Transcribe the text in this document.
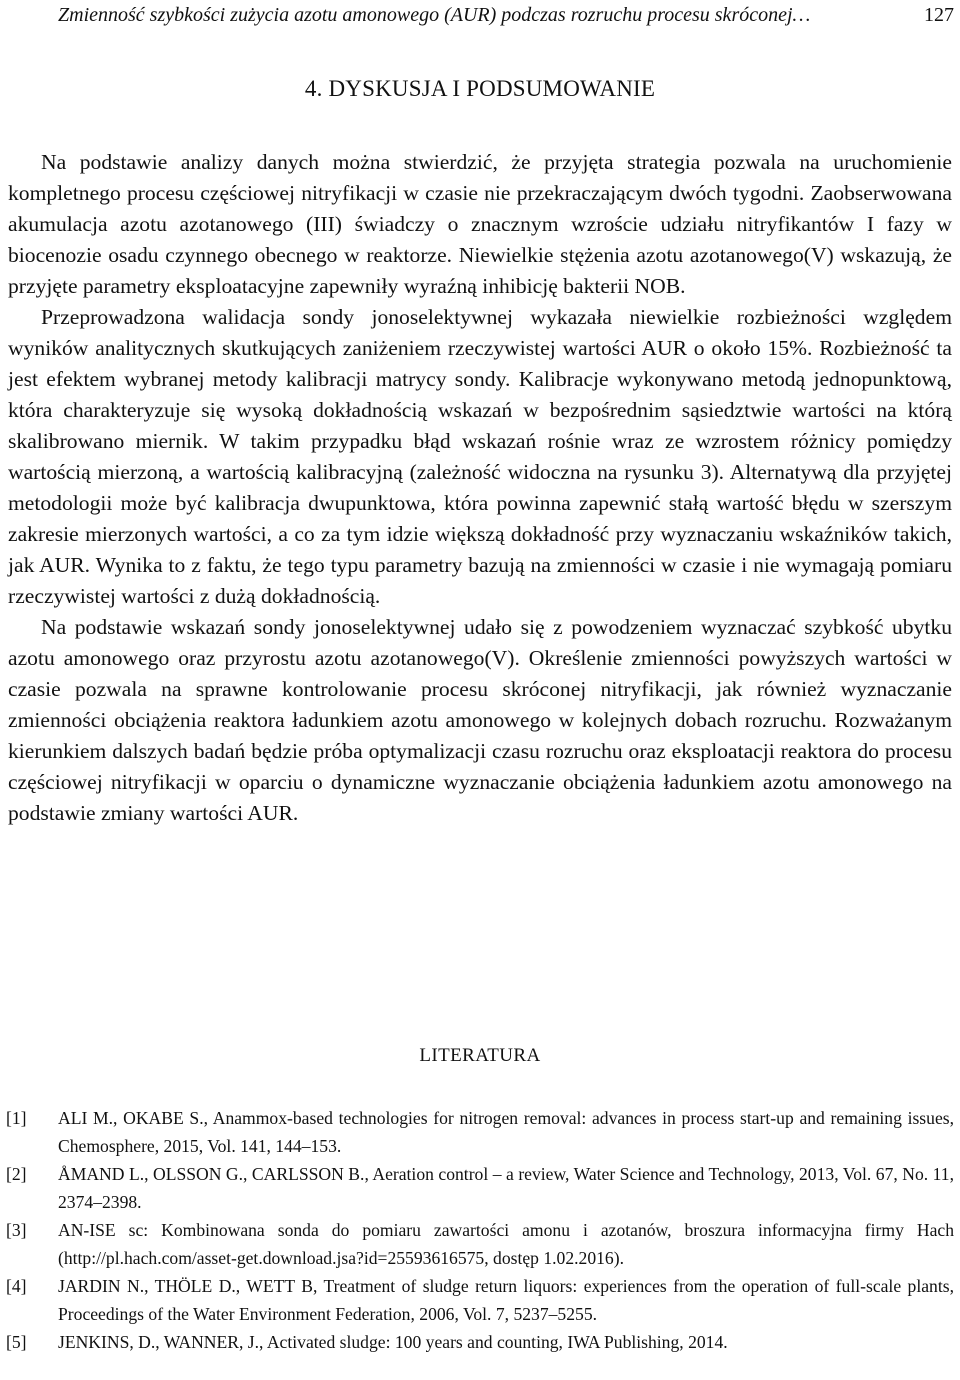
Zmienność szybkości zużycia azotu amonowego (AUR) podczas rozruchu procesu skróconej…	127
4. DYSKUSJA I PODSUMOWANIE

Na podstawie analizy danych można stwierdzić, że przyjęta strategia pozwala na uruchomienie kompletnego procesu częściowej nitryfikacji w czasie nie przekraczającym dwóch tygodni. Zaobserwowana akumulacja azotu azotanowego (III) świadczy o znacznym wzroście udziału nitryfikantów I fazy w biocenozie osadu czynnego obecnego w reaktorze. Niewielkie stężenia azotu azotanowego(V) wskazują, że przyjęte parametry eksploatacyjne zapewniły wyraźną inhibicję bakterii NOB.

Przeprowadzona walidacja sondy jonoselektywnej wykazała niewielkie rozbieżności względem wyników analitycznych skutkujących zaniżeniem rzeczywistej wartości AUR o około 15%. Rozbieżność ta jest efektem wybranej metody kalibracji matrycy sondy. Kalibracje wykonywano metodą jednopunktową, która charakteryzuje się wysoką dokładnością wskazań w bezpośrednim sąsiedztwie wartości na którą skalibrowano miernik. W takim przypadku błąd wskazań rośnie wraz ze wzrostem różnicy pomiędzy wartością mierzoną, a wartością kalibracyjną (zależność widoczna na rysunku 3). Alternatywą dla przyjętej metodologii może być kalibracja dwupunktowa, która powinna zapewnić stałą wartość błędu w szerszym zakresie mierzonych wartości, a co za tym idzie większą dokładność przy wyznaczaniu wskaźników takich, jak AUR. Wynika to z faktu, że tego typu parametry bazują na zmienności w czasie i nie wymagają pomiaru rzeczywistej wartości z dużą dokładnością.

Na podstawie wskazań sondy jonoselektywnej udało się z powodzeniem wyznaczać szybkość ubytku azotu amonowego oraz przyrostu azotu azotanowego(V). Określenie zmienności powyższych wartości w czasie pozwala na sprawne kontrolowanie procesu skróconej nitryfikacji, jak również wyznaczanie zmienności obciążenia reaktora ładunkiem azotu amonowego w kolejnych dobach rozruchu. Rozważanym kierunkiem dalszych badań będzie próba optymalizacji czasu rozruchu oraz eksploatacji reaktora do procesu częściowej nitryfikacji w oparciu o dynamiczne wyznaczanie obciążenia ładunkiem azotu amonowego na podstawie zmiany wartości AUR.

LITERATURA

[1] ALI M., OKABE S., Anammox-based technologies for nitrogen removal: advances in process start-up and remaining issues, Chemosphere, 2015, Vol. 141, 144–153.

[2] ÅMAND L., OLSSON G., CARLSSON B., Aeration control – a review, Water Science and Technology, 2013, Vol. 67, No. 11, 2374–2398.

[3] AN-ISE sc: Kombinowana sonda do pomiaru zawartości amonu i azotanów, broszura informacyjna firmy Hach (http://pl.hach.com/asset-get.download.jsa?id=25593616575, dostęp 1.02.2016).

[4] JARDIN N., THÖLE D., WETT B, Treatment of sludge return liquors: experiences from the operation of full-scale plants, Proceedings of the Water Environment Federation, 2006, Vol. 7, 5237–5255.

[5] JENKINS, D., WANNER, J., Activated sludge: 100 years and counting, IWA Publishing, 2014.
